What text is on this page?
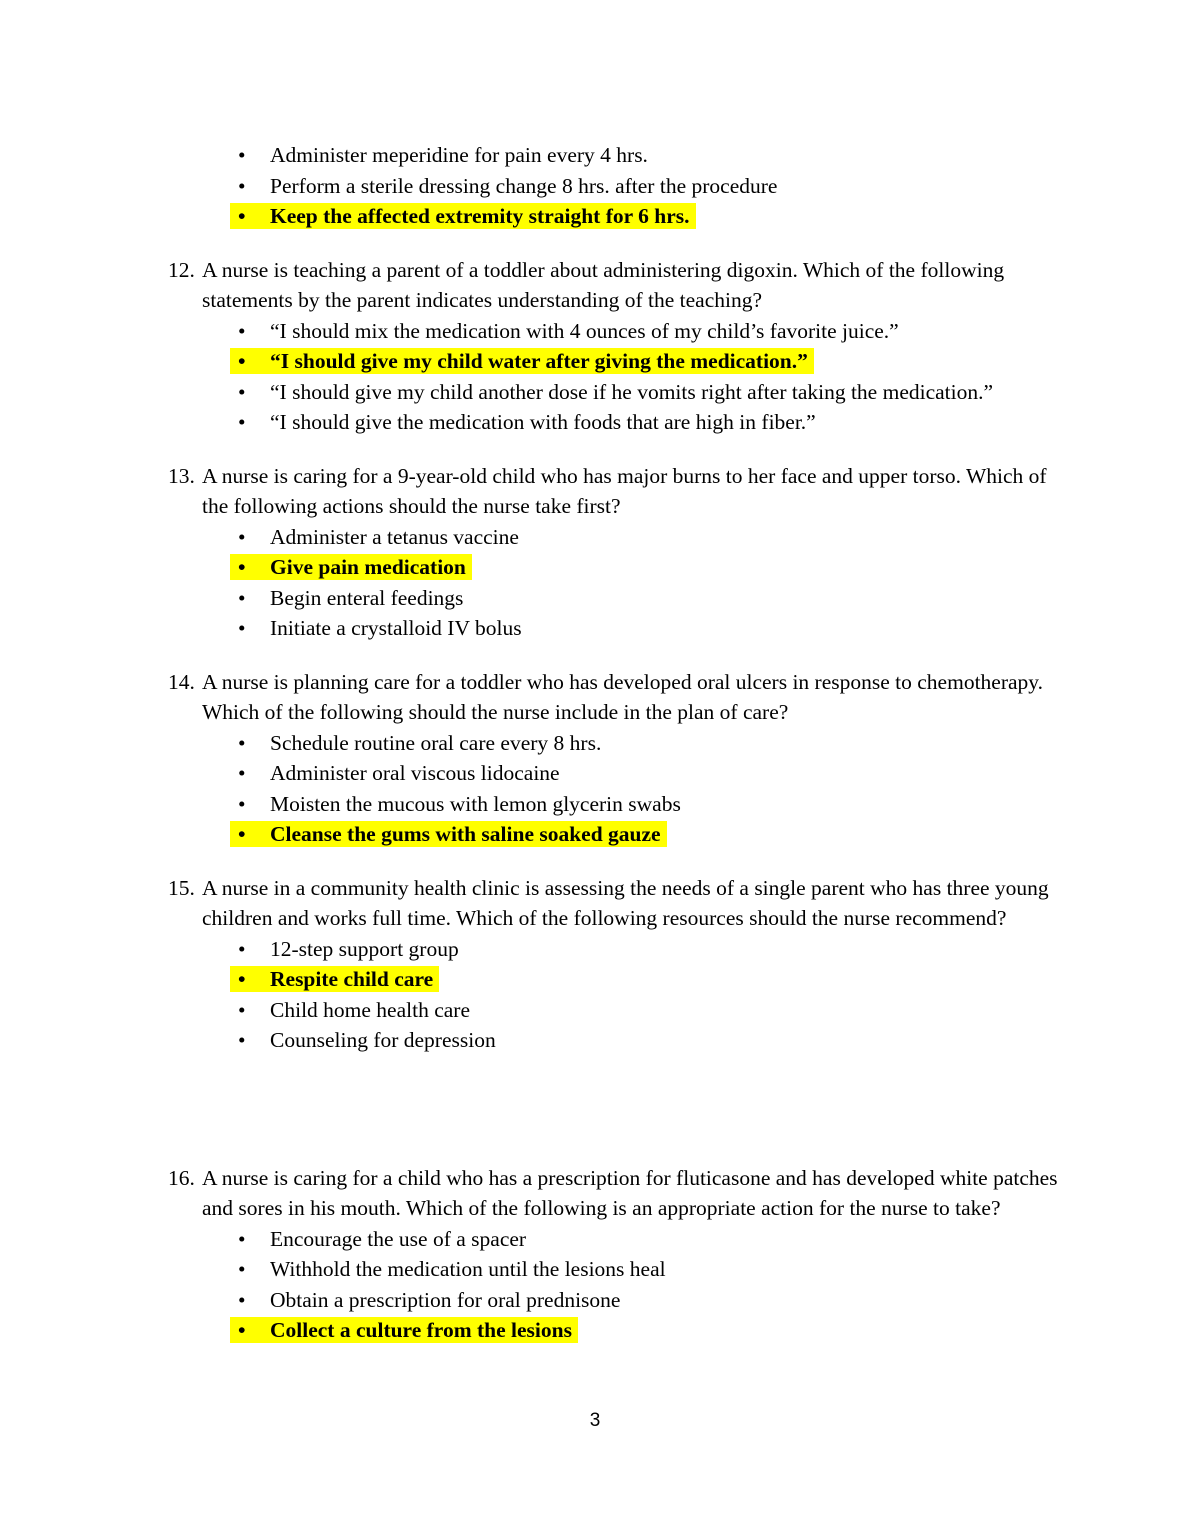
• Administer meperidine for pain every 4 hrs.
• Perform a sterile dressing change 8 hrs. after the procedure
• Keep the affected extremity straight for 6 hrs.
12. A nurse is teaching a parent of a toddler about administering digoxin. Which of the following statements by the parent indicates understanding of the teaching?
• “I should mix the medication with 4 ounces of my child’s favorite juice.”
• “I should give my child water after giving the medication.”
• “I should give my child another dose if he vomits right after taking the medication.”
• “I should give the medication with foods that are high in fiber.”
13. A nurse is caring for a 9-year-old child who has major burns to her face and upper torso. Which of the following actions should the nurse take first?
• Administer a tetanus vaccine
• Give pain medication
• Begin enteral feedings
• Initiate a crystalloid IV bolus
14. A nurse is planning care for a toddler who has developed oral ulcers in response to chemotherapy. Which of the following should the nurse include in the plan of care?
• Schedule routine oral care every 8 hrs.
• Administer oral viscous lidocaine
• Moisten the mucous with lemon glycerin swabs
• Cleanse the gums with saline soaked gauze
15. A nurse in a community health clinic is assessing the needs of a single parent who has three young children and works full time. Which of the following resources should the nurse recommend?
• 12-step support group
• Respite child care
• Child home health care
• Counseling for depression
16. A nurse is caring for a child who has a prescription for fluticasone and has developed white patches and sores in his mouth. Which of the following is an appropriate action for the nurse to take?
• Encourage the use of a spacer
• Withhold the medication until the lesions heal
• Obtain a prescription for oral prednisone
• Collect a culture from the lesions
3
